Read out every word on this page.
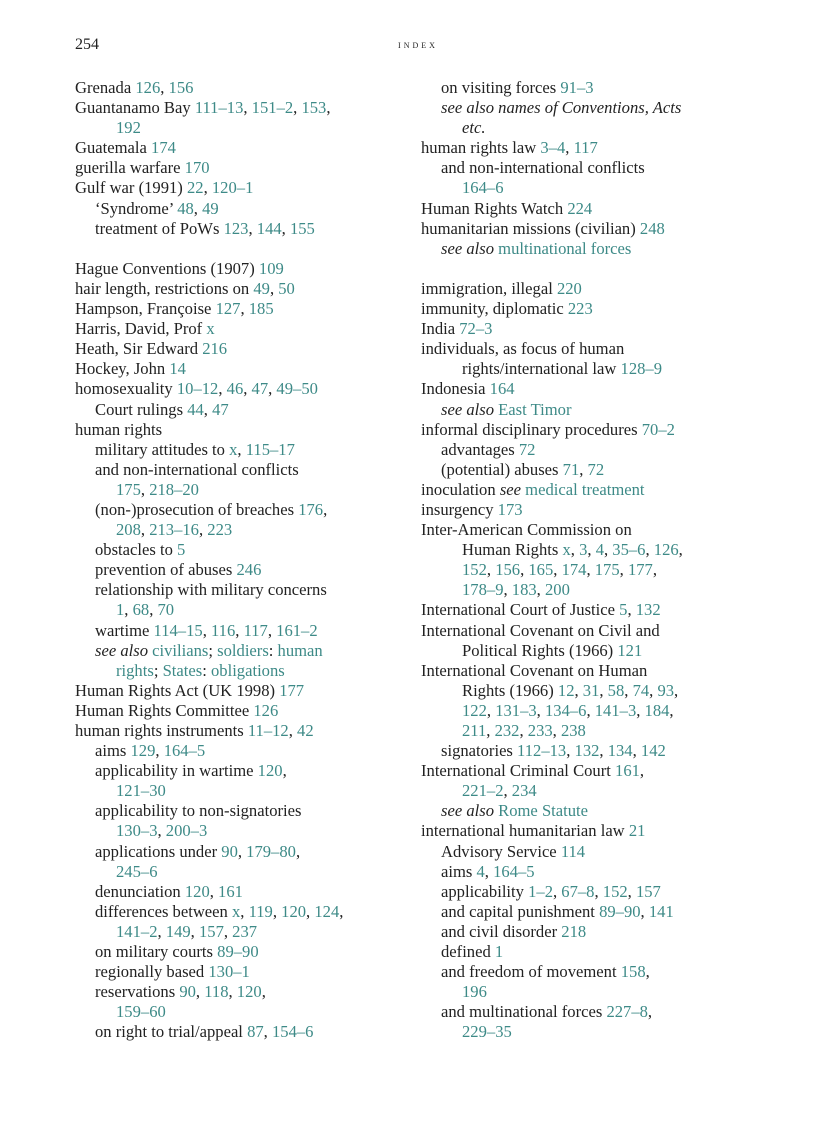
254	index
Grenada 126, 156
Guantanamo Bay 111–13, 151–2, 153,
192
Guatemala 174
guerilla warfare 170
Gulf war (1991) 22, 120–1
‘Syndrome’ 48, 49
treatment of PoWs 123, 144, 155
Hague Conventions (1907) 109
hair length, restrictions on 49, 50
Hampson, Françoise 127, 185
Harris, David, Prof x
Heath, Sir Edward 216
Hockey, John 14
homosexuality 10–12, 46, 47, 49–50
Court rulings 44, 47
human rights
military attitudes to x, 115–17
and non-international conflicts
175, 218–20
(non-)prosecution of breaches 176,
208, 213–16, 223
obstacles to 5
prevention of abuses 246
relationship with military concerns
1, 68, 70
wartime 114–15, 116, 117, 161–2
see also civilians; soldiers: human
rights; States: obligations
Human Rights Act (UK 1998) 177
Human Rights Committee 126
human rights instruments 11–12, 42
aims 129, 164–5
applicability in wartime 120,
121–30
applicability to non-signatories
130–3, 200–3
applications under 90, 179–80,
245–6
denunciation 120, 161
differences between x, 119, 120, 124,
141–2, 149, 157, 237
on military courts 89–90
regionally based 130–1
reservations 90, 118, 120,
159–60
on right to trial/appeal 87, 154–6
on visiting forces 91–3
see also names of Conventions, Acts
etc.
human rights law 3–4, 117
and non-international conflicts
164–6
Human Rights Watch 224
humanitarian missions (civilian) 248
see also multinational forces
immigration, illegal 220
immunity, diplomatic 223
India 72–3
individuals, as focus of human
rights/international law 128–9
Indonesia 164
see also East Timor
informal disciplinary procedures 70–2
advantages 72
(potential) abuses 71, 72
inoculation see medical treatment
insurgency 173
Inter-American Commission on
Human Rights x, 3, 4, 35–6, 126,
152, 156, 165, 174, 175, 177,
178–9, 183, 200
International Court of Justice 5, 132
International Covenant on Civil and
Political Rights (1966) 121
International Covenant on Human
Rights (1966) 12, 31, 58, 74, 93,
122, 131–3, 134–6, 141–3, 184,
211, 232, 233, 238
signatories 112–13, 132, 134, 142
International Criminal Court 161,
221–2, 234
see also Rome Statute
international humanitarian law 21
Advisory Service 114
aims 4, 164–5
applicability 1–2, 67–8, 152, 157
and capital punishment 89–90, 141
and civil disorder 218
defined 1
and freedom of movement 158,
196
and multinational forces 227–8,
229–35
